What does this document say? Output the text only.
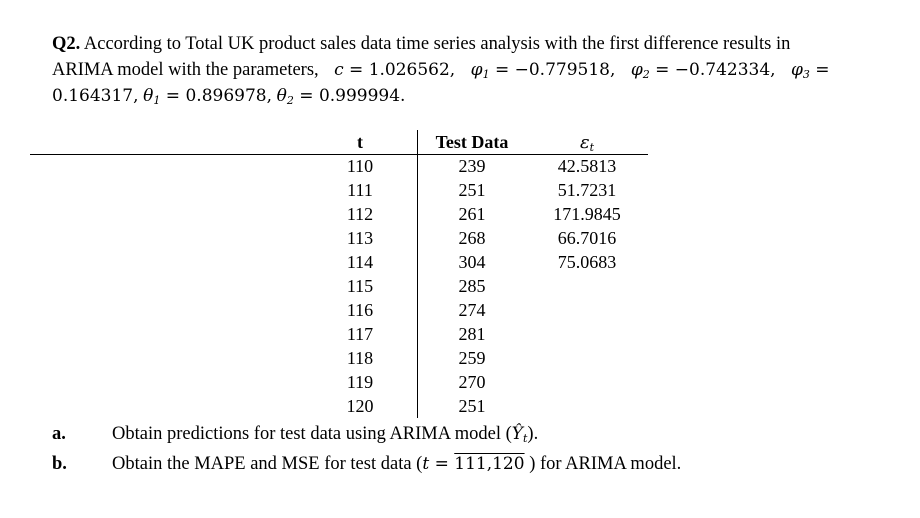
Q2. According to Total UK product sales data time series analysis with the first difference results in
ARIMA model with the parameters,   c = 1.026562,   $\varphi_1 = -0.779518$,   $\varphi_2 = -0.742334$,   $\varphi_3$ =
0.164317, $\theta_1 = 0.896978$, $\theta_2 = 0.999994$.
t
110
111
112
113
114
115
116
117
118
119
120
Test Data
239
251
261
268
304
285
274
281
259
270
251
$\varepsilon_t$
42.5813
51.7231
171.9845
66.7016
75.0683
a. Obtain predictions for test data using ARIMA model $(Ŷ_t)$.
b. Obtain the MAPE and MSE for test data (t = 111,120 ) for ARIMA model.
